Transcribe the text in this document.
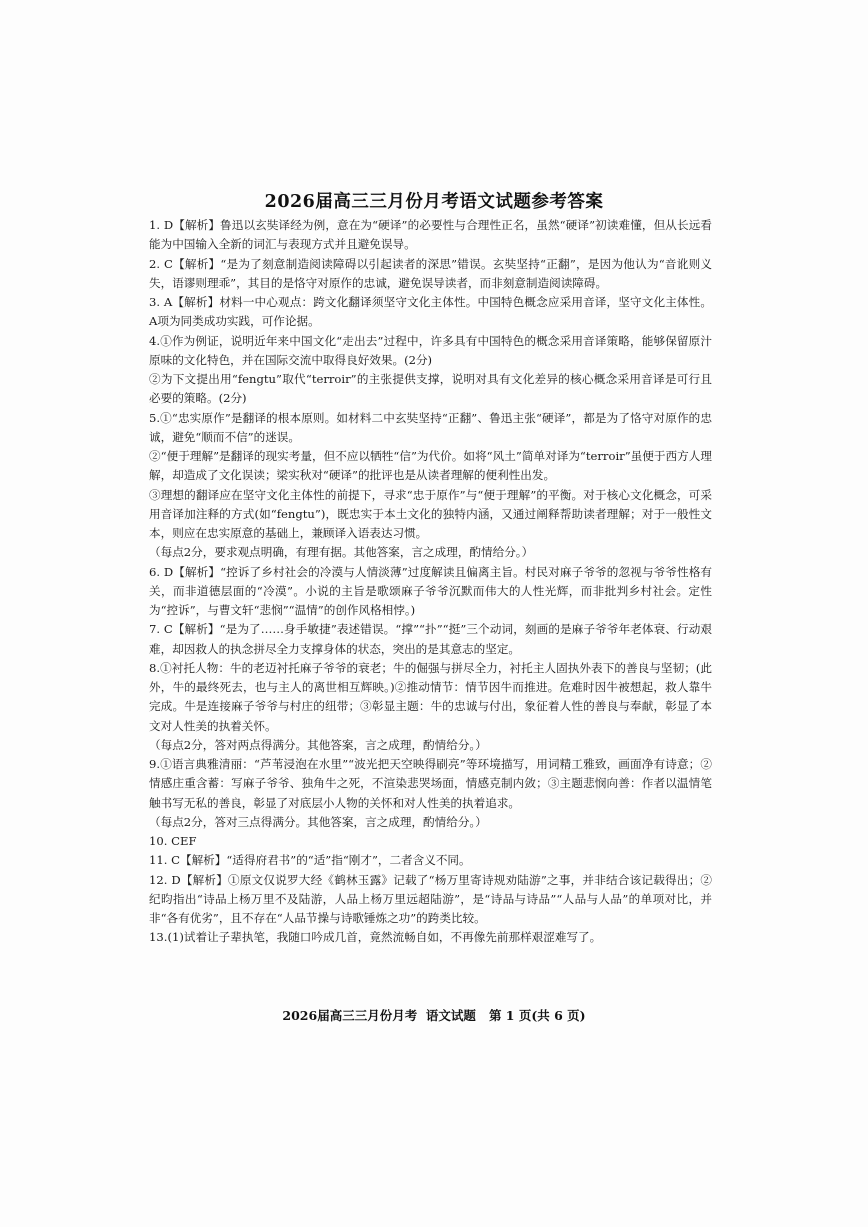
2026届高三三月份月考语文试题参考答案

1. D【解析】鲁迅以玄奘译经为例，意在为“硬译”的必要性与合理性正名，虽然“硬译”初读难懂，但从长远看能为中国输入全新的词汇与表现方式并且避免误导。

2. C【解析】“是为了刻意制造阅读障碍以引起读者的深思”错误。玄奘坚持“正翻”，是因为他认为“音讹则义失，语谬则理乖”，其目的是恪守对原作的忠诚，避免误导读者，而非刻意制造阅读障碍。

3. A【解析】材料一中心观点：跨文化翻译须坚守文化主体性。中国特色概念应采用音译，坚守文化主体性。A项为同类成功实践，可作论据。

4.①作为例证，说明近年来中国文化“走出去”过程中，许多具有中国特色的概念采用音译策略，能够保留原汁原味的文化特色，并在国际交流中取得良好效果。(2分)

②为下文提出用“fengtu”取代“terroir”的主张提供支撑，说明对具有文化差异的核心概念采用音译是可行且必要的策略。(2分)

5.①“忠实原作”是翻译的根本原则。如材料二中玄奘坚持“正翻”、鲁迅主张“硬译”，都是为了恪守对原作的忠诚，避免“顺而不信”的迷误。

②“便于理解”是翻译的现实考量，但不应以牺牲“信”为代价。如将“风土”简单对译为“terroir”虽便于西方人理解，却造成了文化误读；梁实秋对“硬译”的批评也是从读者理解的便利性出发。

③理想的翻译应在坚守文化主体性的前提下，寻求“忠于原作”与“便于理解”的平衡。对于核心文化概念，可采用音译加注释的方式(如“fengtu”)，既忠实于本土文化的独特内涵，又通过阐释帮助读者理解；对于一般性文本，则应在忠实原意的基础上，兼顾译入语表达习惯。

（每点2分，要求观点明确，有理有据。其他答案，言之成理，酌情给分。）

6. D【解析】“控诉了乡村社会的冷漠与人情淡薄”过度解读且偏离主旨。村民对麻子爷爷的忽视与爷爷性格有关，而非道德层面的“冷漠”。小说的主旨是歌颂麻子爷爷沉默而伟大的人性光辉，而非批判乡村社会。定性为“控诉”，与曹文轩“悲悯”“温情”的创作风格相悖。)

7. C【解析】“是为了……身手敏捷”表述错误。“撑”“扑”“挺”三个动词，刻画的是麻子爷爷年老体衰、行动艰难，却因救人的执念拼尽全力支撑身体的状态，突出的是其意志的坚定。

8.①衬托人物：牛的老迈衬托麻子爷爷的衰老；牛的倔强与拼尽全力，衬托主人固执外表下的善良与坚韧；(此外，牛的最终死去，也与主人的离世相互辉映。)②推动情节：情节因牛而推进。危难时因牛被想起，救人靠牛完成。牛是连接麻子爷爷与村庄的纽带；③彰显主题：牛的忠诚与付出，象征着人性的善良与奉献，彰显了本文对人性美的执着关怀。

（每点2分，答对两点得满分。其他答案，言之成理，酌情给分。）

9.①语言典雅清丽：“芦苇浸泡在水里”“波光把天空映得刷亮”等环境描写，用词精工雅致，画面净有诗意；②情感庄重含蓄：写麻子爷爷、独角牛之死，不渲染悲哭场面，情感克制内敛；③主题悲悯向善：作者以温情笔触书写无私的善良，彰显了对底层小人物的关怀和对人性美的执着追求。

（每点2分，答对三点得满分。其他答案，言之成理，酌情给分。）

10. CEF

11. C【解析】“适得府君书”的“适”指“刚才”，二者含义不同。

12. D【解析】①原文仅说罗大经《鹤林玉露》记载了“杨万里寄诗规劝陆游”之事，并非结合该记载得出；②纪昀指出“诗品上杨万里不及陆游，人品上杨万里远超陆游”，是“诗品与诗品”“人品与人品”的单项对比，并非“各有优劣”，且不存在“人品节操与诗歌锤炼之功”的跨类比较。

13.(1)试着让子辈执笔，我随口吟成几首，竟然流畅自如，不再像先前那样艰涩难写了。

2026届高三三月份月考  语文试题   第 1 页(共 6 页)
